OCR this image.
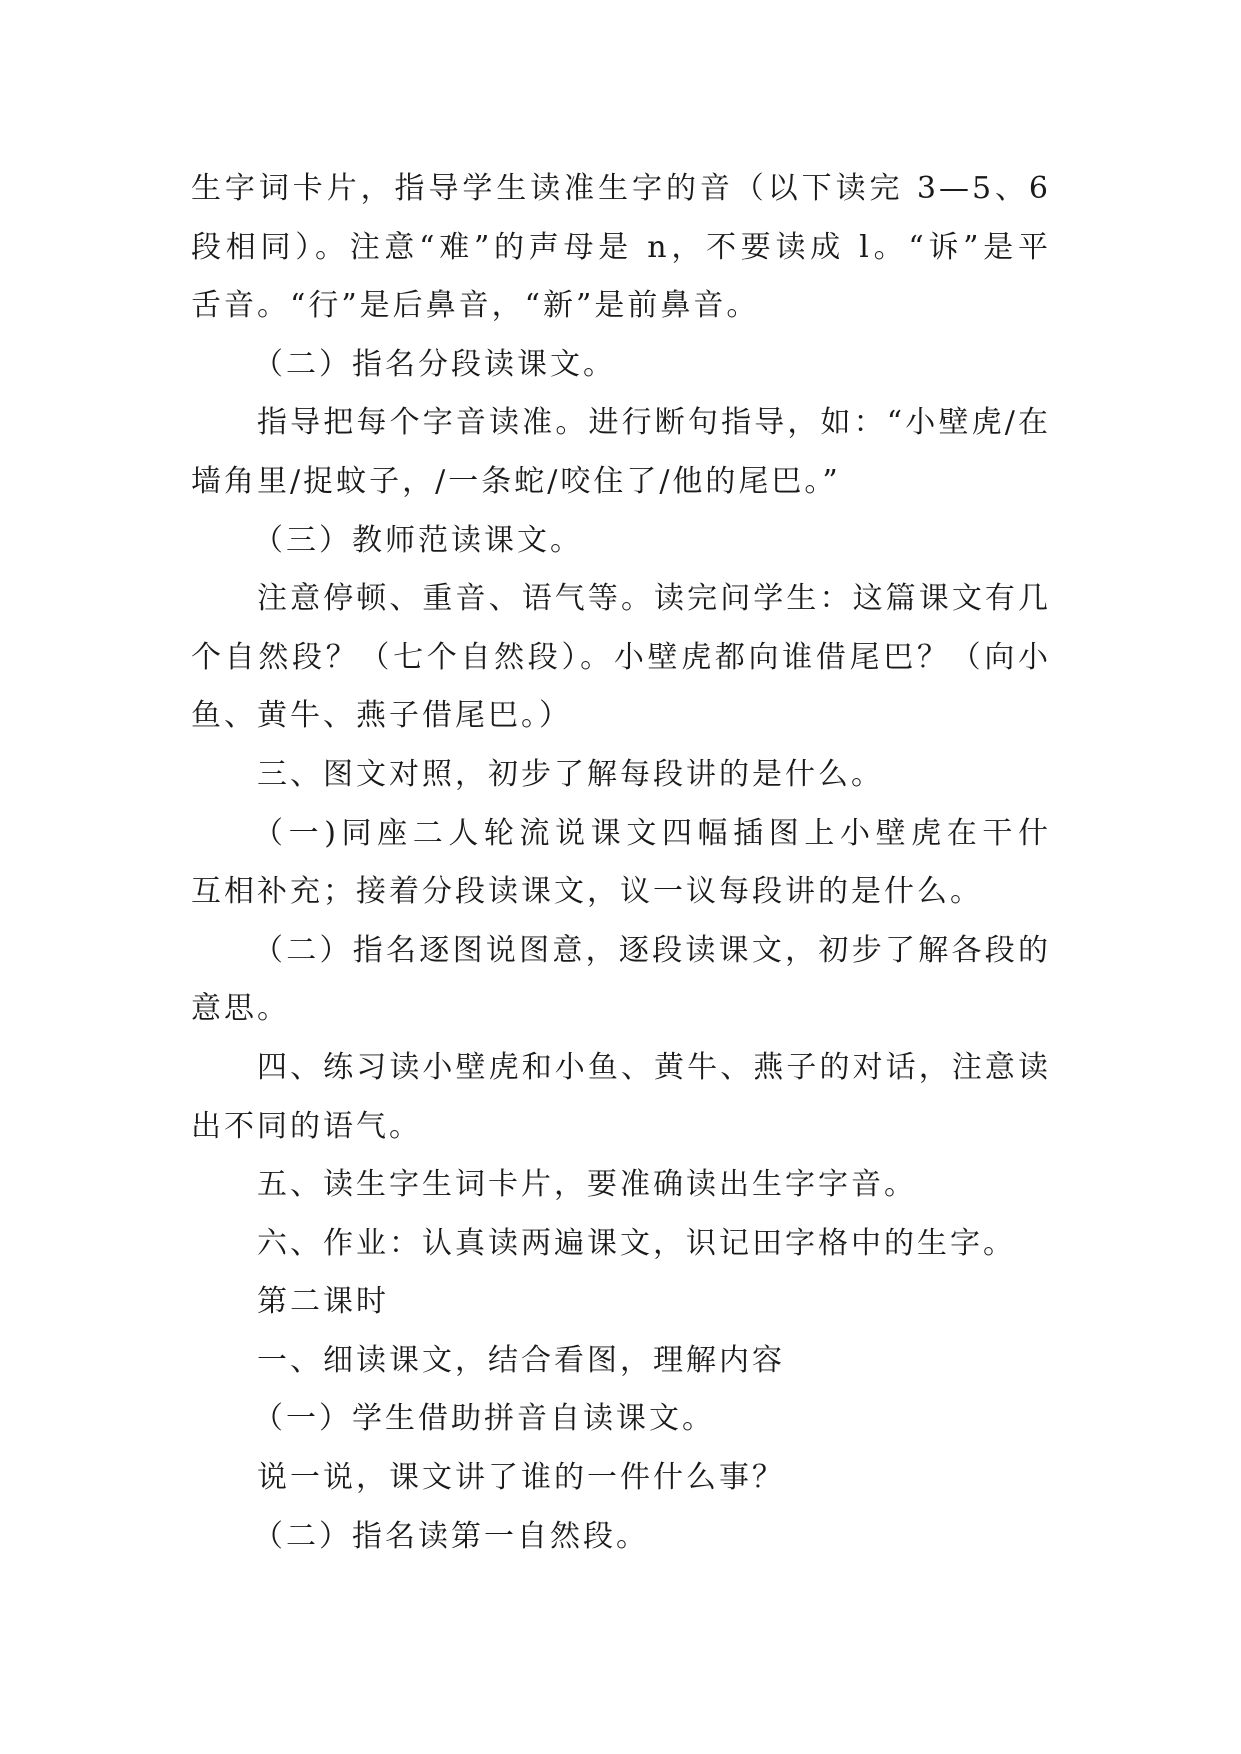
生字词卡片，指导学生读准生字的音（以下读完 3—5、6
段相同）。注意“难”的声母是 n，不要读成 l。“诉”是平
舌音。“行”是后鼻音，“新”是前鼻音。
（二）指名分段读课文。
指导把每个字音读准。进行断句指导，如：“小壁虎/在
墙角里/捉蚊子，/一条蛇/咬住了/他的尾巴。”
（三）教师范读课文。
注意停顿、重音、语气等。读完问学生：这篇课文有几
个自然段？（七个自然段）。小壁虎都向谁借尾巴？（向小
鱼、黄牛、燕子借尾巴。）
三、图文对照，初步了解每段讲的是什么。
（一)同座二人轮流说课文四幅插图上小壁虎在干什
互相补充；接着分段读课文，议一议每段讲的是什么。
（二）指名逐图说图意，逐段读课文，初步了解各段的
意思。
四、练习读小壁虎和小鱼、黄牛、燕子的对话，注意读
出不同的语气。
五、读生字生词卡片，要准确读出生字字音。
六、作业：认真读两遍课文，识记田字格中的生字。
第二课时
一、细读课文，结合看图，理解内容
（一）学生借助拼音自读课文。
说一说，课文讲了谁的一件什么事？
（二）指名读第一自然段。
